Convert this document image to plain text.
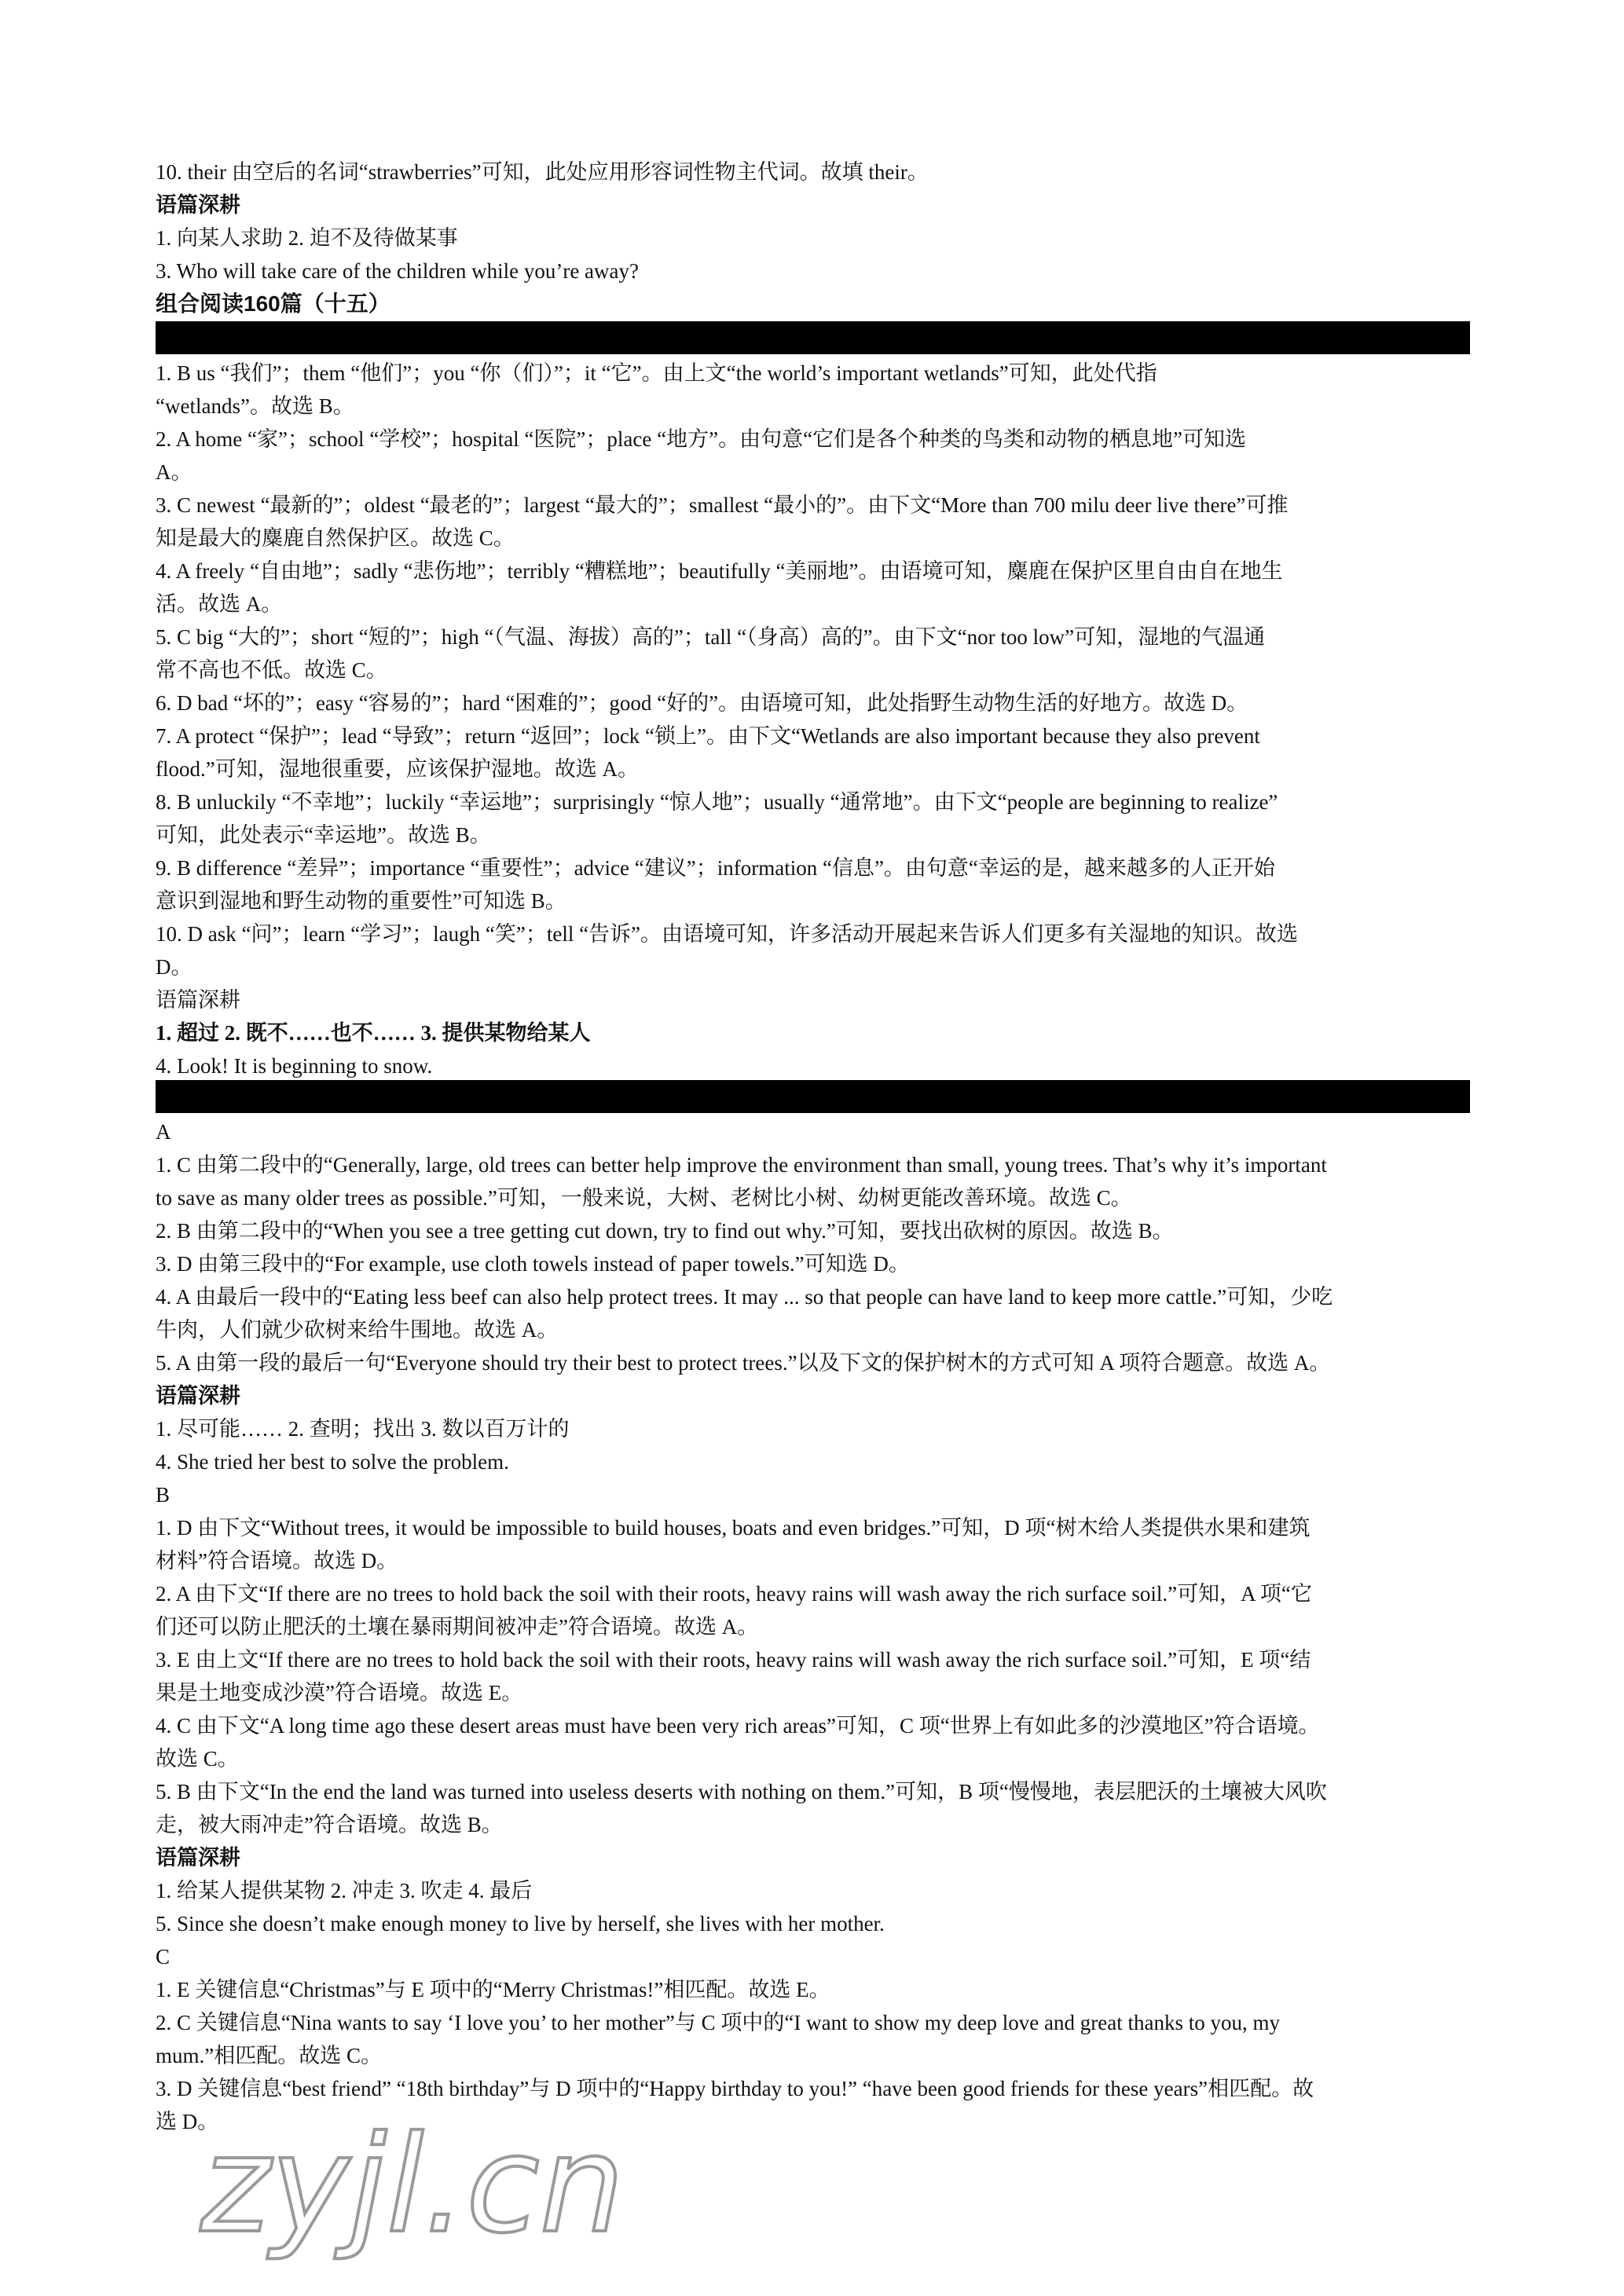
10. their 由空后的名词“strawberries”可知，此处应用形容词性物主代词。故填 their。
语篇深耕
1. 向某人求助 2. 迫不及待做某事
3. Who will take care of the children while you’re away?
组合阅读160篇（十五）
1. B us “我们”；them “他们”；you “你（们）”；it “它”。由上文“the world’s important wetlands”可知，此处代指
“wetlands”。故选 B。
2. A home “家”；school “学校”；hospital “医院”；place “地方”。由句意“它们是各个种类的鸟类和动物的栖息地”可知选
A。
3. C newest “最新的”；oldest “最老的”；largest “最大的”；smallest “最小的”。由下文“More than 700 milu deer live there”可推
知是最大的麋鹿自然保护区。故选 C。
4. A freely “自由地”；sadly “悲伤地”；terribly “糟糕地”；beautifully “美丽地”。由语境可知，麋鹿在保护区里自由自在地生
活。故选 A。
5. C big “大的”；short “短的”；high “（气温、海拔）高的”；tall “（身高）高的”。由下文“nor too low”可知，湿地的气温通
常不高也不低。故选 C。
6. D bad “坏的”；easy “容易的”；hard “困难的”；good “好的”。由语境可知，此处指野生动物生活的好地方。故选 D。
7. A protect “保护”；lead “导致”；return “返回”；lock “锁上”。由下文“Wetlands are also important because they also prevent
flood.”可知，湿地很重要，应该保护湿地。故选 A。
8. B unluckily “不幸地”；luckily “幸运地”；surprisingly “惊人地”；usually “通常地”。由下文“people are beginning to realize”
可知，此处表示“幸运地”。故选 B。
9. B difference “差异”；importance “重要性”；advice “建议”；information “信息”。由句意“幸运的是，越来越多的人正开始
意识到湿地和野生动物的重要性”可知选 B。
10. D ask “问”；learn “学习”；laugh “笑”；tell “告诉”。由语境可知，许多活动开展起来告诉人们更多有关湿地的知识。故选
D。
语篇深耕
1. 超过 2. 既不……也不…… 3. 提供某物给某人
4. Look! It is beginning to snow.
A
1. C 由第二段中的“Generally, large, old trees can better help improve the environment than small, young trees. That’s why it’s important
to save as many older trees as possible.”可知，一般来说，大树、老树比小树、幼树更能改善环境。故选 C。
2. B 由第二段中的“When you see a tree getting cut down, try to find out why.”可知，要找出砍树的原因。故选 B。
3. D 由第三段中的“For example, use cloth towels instead of paper towels.”可知选 D。
4. A 由最后一段中的“Eating less beef can also help protect trees. It may ... so that people can have land to keep more cattle.”可知，少吃
牛肉，人们就少砍树来给牛围地。故选 A。
5. A 由第一段的最后一句“Everyone should try their best to protect trees.”以及下文的保护树木的方式可知 A 项符合题意。故选 A。
语篇深耕
1. 尽可能…… 2. 查明；找出 3. 数以百万计的
4. She tried her best to solve the problem.
B
1. D 由下文“Without trees, it would be impossible to build houses, boats and even bridges.”可知，D 项“树木给人类提供水果和建筑
材料”符合语境。故选 D。
2. A 由下文“If there are no trees to hold back the soil with their roots, heavy rains will wash away the rich surface soil.”可知，A 项“它
们还可以防止肥沃的土壤在暴雨期间被冲走”符合语境。故选 A。
3. E 由上文“If there are no trees to hold back the soil with their roots, heavy rains will wash away the rich surface soil.”可知，E 项“结
果是土地变成沙漠”符合语境。故选 E。
4. C 由下文“A long time ago these desert areas must have been very rich areas”可知，C 项“世界上有如此多的沙漠地区”符合语境。
故选 C。
5. B 由下文“In the end the land was turned into useless deserts with nothing on them.”可知，B 项“慢慢地，表层肥沃的土壤被大风吹
走，被大雨冲走”符合语境。故选 B。
语篇深耕
1. 给某人提供某物 2. 冲走 3. 吹走 4. 最后
5. Since she doesn’t make enough money to live by herself, she lives with her mother.
C
1. E 关键信息“Christmas”与 E 项中的“Merry Christmas!”相匹配。故选 E。
2. C 关键信息“Nina wants to say ‘I love you’ to her mother”与 C 项中的“I want to show my deep love and great thanks to you, my
mum.”相匹配。故选 C。
3. D 关键信息“best friend” “18th birthday”与 D 项中的“Happy birthday to you!” “have been good friends for these years”相匹配。故
选 D。
zyjl.cn
